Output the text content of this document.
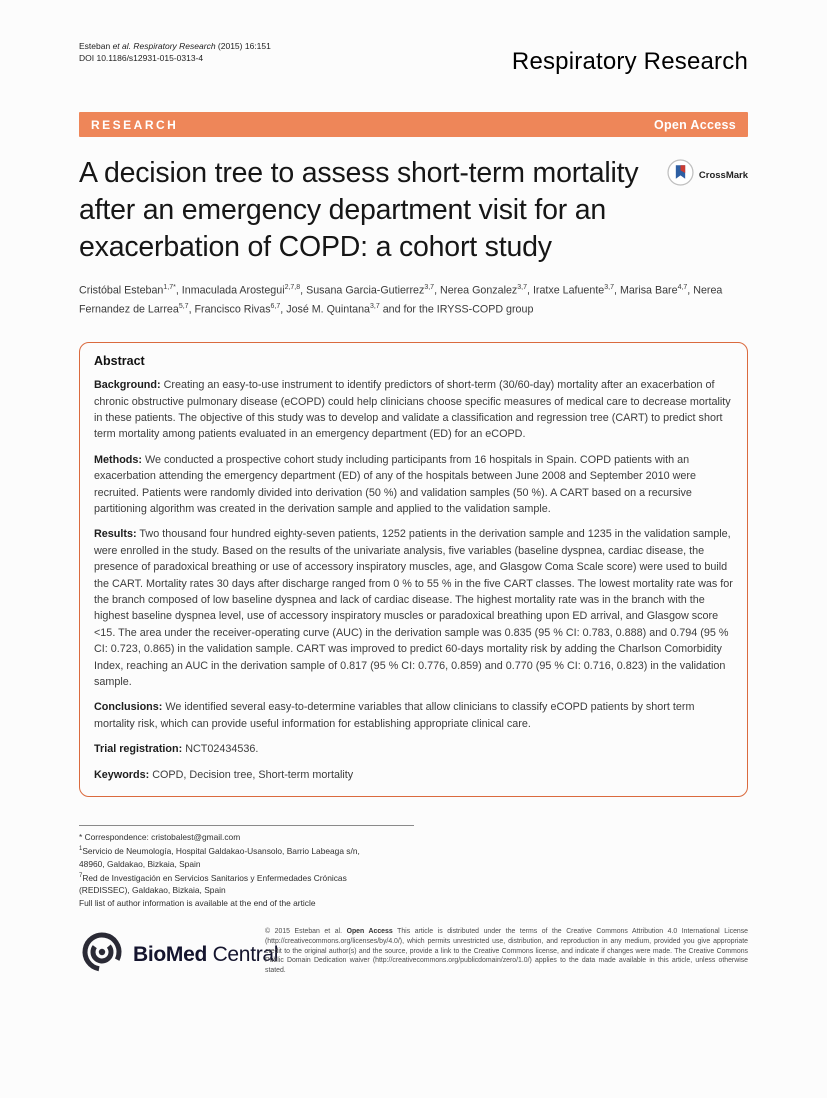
Esteban et al. Respiratory Research (2015) 16:151
DOI 10.1186/s12931-015-0313-4	Respiratory Research
RESEARCH	Open Access
A decision tree to assess short-term mortality after an emergency department visit for an exacerbation of COPD: a cohort study
CrossMark

Cristóbal Esteban$^{1,7*}$, Inmaculada Arostegui$^{2,7,8}$, Susana Garcia-Gutierrez$^{3,7}$, Nerea Gonzalez$^{3,7}$, Iratxe Lafuente$^{3,7}$, Marisa Bare$^{4,7}$, Nerea Fernandez de Larrea$^{5,7}$, Francisco Rivas$^{6,7}$, José M. Quintana$^{3,7}$ and for the IRYSS-COPD group

Abstract

Background: Creating an easy-to-use instrument to identify predictors of short-term (30/60-day) mortality after an exacerbation of chronic obstructive pulmonary disease (eCOPD) could help clinicians choose specific measures of medical care to decrease mortality in these patients. The objective of this study was to develop and validate a classification and regression tree (CART) to predict short term mortality among patients evaluated in an emergency department (ED) for an eCOPD.

Methods: We conducted a prospective cohort study including participants from 16 hospitals in Spain. COPD patients with an exacerbation attending the emergency department (ED) of any of the hospitals between June 2008 and September 2010 were recruited. Patients were randomly divided into derivation (50 %) and validation samples (50 %). A CART based on a recursive partitioning algorithm was created in the derivation sample and applied to the validation sample.

Results: Two thousand four hundred eighty-seven patients, 1252 patients in the derivation sample and 1235 in the validation sample, were enrolled in the study. Based on the results of the univariate analysis, five variables (baseline dyspnea, cardiac disease, the presence of paradoxical breathing or use of accessory inspiratory muscles, age, and Glasgow Coma Scale score) were used to build the CART. Mortality rates 30 days after discharge ranged from 0 % to 55 % in the five CART classes. The lowest mortality rate was for the branch composed of low baseline dyspnea and lack of cardiac disease. The highest mortality rate was in the branch with the highest baseline dyspnea level, use of accessory inspiratory muscles or paradoxical breathing upon ED arrival, and Glasgow score <15. The area under the receiver-operating curve (AUC) in the derivation sample was 0.835 (95 % CI: 0.783, 0.888) and 0.794 (95 % CI: 0.723, 0.865) in the validation sample. CART was improved to predict 60-days mortality risk by adding the Charlson Comorbidity Index, reaching an AUC in the derivation sample of 0.817 (95 % CI: 0.776, 0.859) and 0.770 (95 % CI: 0.716, 0.823) in the validation sample.

Conclusions: We identified several easy-to-determine variables that allow clinicians to classify eCOPD patients by short term mortality risk, which can provide useful information for establishing appropriate clinical care.

Trial registration: NCT02434536.

Keywords: COPD, Decision tree, Short-term mortality

* Correspondence: cristobalest@gmail.com
$^1$Servicio de Neumología, Hospital Galdakao-Usansolo, Barrio Labeaga s/n,
48960, Galdakao, Bizkaia, Spain
$^7$Red de Investigación en Servicios Sanitarios y Enfermedades Crónicas
(REDISSEC), Galdakao, Bizkaia, Spain
Full list of author information is available at the end of the article
BioMed Central

© 2015 Esteban et al. Open Access This article is distributed under the terms of the Creative Commons Attribution 4.0 International License (http://creativecommons.org/licenses/by/4.0/), which permits unrestricted use, distribution, and reproduction in any medium, provided you give appropriate credit to the original author(s) and the source, provide a link to the Creative Commons license, and indicate if changes were made. The Creative Commons Public Domain Dedication waiver (http://creativecommons.org/publicdomain/zero/1.0/) applies to the data made available in this article, unless otherwise stated.
